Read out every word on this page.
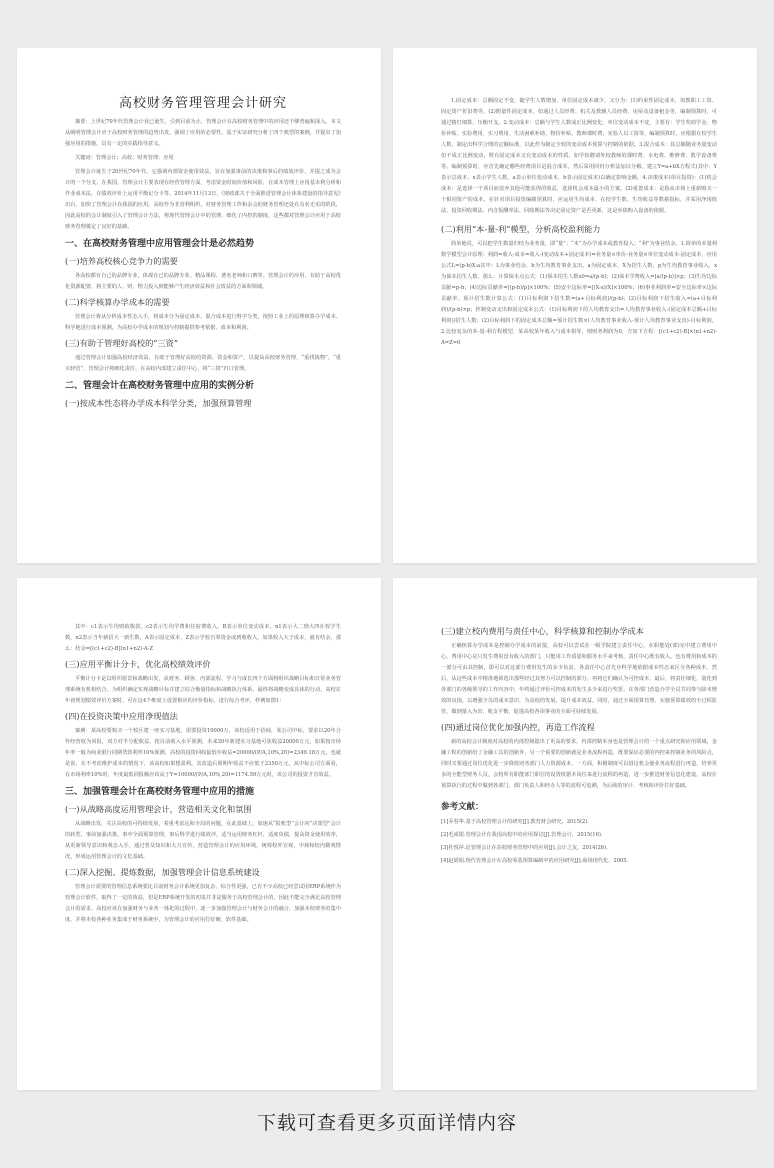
高校财务管理管理会计研究

摘要：上世纪70年代管理会计业已诞生，引到目前为止，管理会计在高校财务管理中的应用还不够普遍和深入。本文从阐明管理会计应于高校财务管理的趋势出发，强调了应用的必要性，基于实证研究分析了四个典型的案例，并提出了加强应用的措施，具有一定的实践指导意义。

关键词：管理会计；高校；财务管理；应用

管理会计诞生于20世纪70年代，它强调内部资金使用效益，旨在加强事前的决策和事后的绩效评价，并提之成为会计的一个分支。在我国，管理会计主要表现在经营管理方面，考虑资金时间价值和风险，在成本管理上应用基本利分析和作业成本法，在绩效评价上运用平衡记分卡等。2014年11月13日，《财政部关于全面推进管理会计体系建设的指导意见》出台，加快了管理会计在我国的应用。高校作为非营利组织，对财务管理工作和余会的财务管理还处在有名无实的阶段，因此高校的会计制度引入了管理会计方法，将现代管理会计中的管理、细化了内控的制度，这些都对管理会计应用于高校财务管理奠定了良好的基础。

一、在高校财务管理中应用管理会计是必然趋势
(一)培养高校核心竞争力的需要

各高校都有自己的品牌专业，体现在已的品牌专业、精品课程、著名老师和口碑等。管理会计的应用，有助于高校优化资源配置，将主要的人、财、物力投入到能够产生经济效益和社会效益的方面和领域。

(二)科学核算办学成本的需要

管理会计将从分析成本性态入手，将成本分为固定成本、混合成本进行科学分类，按照工业上的原理核算办学成本、科学地进行成本预测，为高校办学成本的规划与控制提供参考依据、成本和利润。

(三)有助于管理好高校的“三资”

通过管理会计加强高校经济效益，有助于管理好高校的资源、资金和资产，以提高高校财务管理、“重找钱物”、“重买轻管”、管理会计将细化责任，在高校内部建立责任中心，将“三资”归口管理。

二、管理会计在高校财务管理中应用的实例分析
(一)按成本性态将办学成本科学分类，加强预算管理

1.固定成本：总额固定不变，随学生人数增加，单位固定成本减少，又分为：(1)约束性固定成本，如教职工工资、固定资产折旧费等。(2)酌量性固定成本，如通过人员经费、机关及教辅人员经费、房屋及设备租金等，编制预算时，可通过精打细算，压缩开支。2.变动成本：总额与学生人数成正比例变化，单位变动成本不变，主要有：学生奖助学金、物价补贴、实验费用、实习费用、生活困难补助、物价补贴、教师课时费、实验人员工资等，编制预算时，应根据在校学生人数，制定出科学合理的定额标准，以此作为制定全校的变动成本预算与控制的依据。3.混合成本：其总额随业务量变动但不成正比例变动，既有固定成本又有变动成本的性质，如学校聘请外校教师的课时费、水电费、维修费、教学设备费等。编制预算时，应首先确定哪些经费项目是混合成本，然后采用回归分析法加以分解，建立Y=a+bX方程式(其中：Y表示总成本，x表示学生人数，a表示单位变动成本，b表示固定成本)以确定影响金额。4.决策成本(项目投资)：(1)机会成本：是选择一个项目而放弃其他可能获得的收益，选择机会成本最小的方案。(2)重置成本：是指从市场上重新购买一个相同资产的成本。在针对项目投资编制预算时，应运用生均成本、在校学生数、生均收益等数据指标，并采用净现值法、投资回收期法、内含报酬率法、回收期法等决定固定资产是否更新，这是举债购入设备的依据。

(二)利用“本-量-利”模型，分析高校盈利能力

简单地说，可以把学生数量归结为业务量，即“量”；“本”为办学成本或教育投入；“利”为事业结余。1.简单的本量利数学模型会计原理：利润=收入-成本=收入-(变动成本+固定成本)=业务量×单价-业务量×单位变动成本-固定成本，应用公式L=(p-b)X-a其中：L为事业结余，b为生均教育事业支出，a为固定成本，X为招生人数，p为生均教育事业收入，x为保本招生人数，那么：计算保本点公式：(1)保本招生人数x0=a/(p-b)；(2)保本学费收入=[a/(p-b)]×p；(3)生均边际贡献=p-b；(4)边际贡献率=[(p-b)/p]×100%；(5)安全边际率=[(X-x)/X]×100%；(6)事业利润率=安全边际率×边际贡献率。预计招生数计算公式：(1)目标利润下招生数=(a+目标利润)/(p-b)；(2)目标利润下招生收入=(a+目标利润)/(p-b)×p；控制变动支出和固定成本公式：(1)目标利润下的人均教育支出=人均教育事业收入-(固定成本总额+目标利润)/招生人数；(2)目标利润下的固定成本总额=预计招生数×(人均教育事业收入-预计人均教育事业支出)-目标利润。2.比较复杂的本-量-利方程模型，某高校某年收入与成本相等，则财务利润为0，方如下方程：[(c1+c2)-B]×(n1+n2)-A=Z=0

其中：c1表示生均财政拨款，c2表示生均学费和住宿费收入，B表示单位变动成本，n1表示大二到大四在校学生数，n2表示当年新招大一新生数，A表示固定成本，Z表示学校自筹资金或到收收入，如果收入大于成本，就有结余，那么：结余=[(c1+c2)-B](n1+n2)-A-Z

(三)应用平衡计分卡，优化高校绩效评价

平衡计分卡是以组织愿景和战略出发，从财务、顾客、内部流程、学习与成长四个方面将组织战略目标和日常业务管理系统有机相结合。为组织确定实现战略目标并建立综合衡量指标和战略执行体系。最终将战略变成具体的行动。高校在年初规划绩效评价方案时，可在这4个维度上设置相应的评价指标，进行综合考评，样例如图1：

(四)在投资决策中应用净现值法

案例：某高校要购买一个校区建一座实习基地，需要投资10000万，该校适用于招商，某公司中标，要求以20年合作经营权为回报，双方对半分配收益，按目前收入水平预测，未来20年新建实习基地可获收益20000万元，如果按市场年率一般为商业银行同期贷款利率10%预测，高校的投资回收最低年收益=20000/(P/A,10%,20)=2349.18万元，也就是说，在不考虑维护成本的情况下，该高校如果想盈利，其改造后预期年收益不应低于2350万元，从中标公司方面看，在市场利率10%时，年度最低回报额应该高于Y=10000/(P/A,10%,20)=1174.59万元时，该公司的投资才有效益。

三、加强管理会计在高校财务管理中应用的措施
(一)从战略高度运用管理会计，营造相关文化和氛围

从战略出发，关注高校的可持续发展，着重考虑远和全局的问题，在此基础上，加速从“报账型”会计向“决策型”会计的转型，事前加强决策，事中全面预算管理，事后科学进行绩效评，适当运用财务杠杆，适度负债，提高资金使用效率，从更新领导意识和观念入手，通过普及知识和大力宣传，营造管理会计的应用环境，统筹校外宣观，中观和校内微观情况，形成运用管理会计的文化基础。

(二)深入挖掘、提炼数据，加强管理会计信息系统建设

管理会计需要的管理信息系统要比目前财务会计系统更加复杂，综合性更强，已有不少高校已经尝试用ERP系统作为管理会计软件，取得了一定的效益，但是ERP系统开发的初衷并非是服务于高校管理会计的，因此不能完全满足高校管理会计的需求，高校应该在加强财务与业务一体化的过程中，逐一步加强管理会计与财务会计的融合，加强本校财务的集中度，并将本校各种业务集成于财务系统中，为管理会计的应用打好硬、软件基础。

(三)建立校内费用与责任中心，科学核算和控制办学成本

正确核算办学成本是控制办学成本的前提，高校可以尝试在一级学院建立责任中心，在职能处(部)室中建立费用中心，费用中心是只发生费用没有收入的部门，只能用工作质量和服务水平来考核，责任中心既有收入，也有费用和成本的一部分可由其控制，即可以对这部分费用发生的多少负责，各责任中心首先应科学地依据成本性态来区分各种成本，然后，从这些成本中精准地筛选出那些经过其努力可以控制的部分，再将它们确认为可控成本，最后，将责任细化，量化到各部门的各级领导的工作内容中，年终通过评价可控成本的发生多少来进行奖惩，在各部门营造办学全员共同参与降本增效的氛围，以增强全员的成本意识，为高校的发展，提升成本效益，同时，通过全面预算管理、实施预算绩效的全过程监管，做到量入为出，收支平衡，促进高校各项事业的全面可持续发展。

(四)通过岗位优化加强内控，再造工作流程

新的高校会计制度对高校的内部控制提出了更高的要求，内部控制本身也是管理会计的一个重点研究和应用领域，金融工程的创新给了金融工具的创新外，另一个重要的创新就是业务流程再造，既要保证必要的内控来控制业务的风险点，同时又要通过岗位优化进一步降低财务部门人力资源成本，一方面，积极制度可以借这机会使业务流程进行再造，培养更多的全能型财务人员，会将所有职能部门职位的设置依据本岗位来进行流程的再造，进一步推进财务信息化建设，高校在预算执行的过程中做到各部门、部门负责人和经办人等的流程可追溯，为后续的审计、考核和评价打好基础。

参考文献：

[1]乔春华.基于高校管理会计的研究[J].教育财会研究，2015(2).

[2]毛成银.管理会计在我国高校中的应用探讨[J].管理会计，2015(16).

[3]杜悦萍.论管理会计在高校财务管理中的应用[J].会计之友，2014(26).

[4]赵娟娟.现代管理会计在高校零基预算编制中的应用研究[J].商场现代化，2005.

下载可查看更多页面详情内容
